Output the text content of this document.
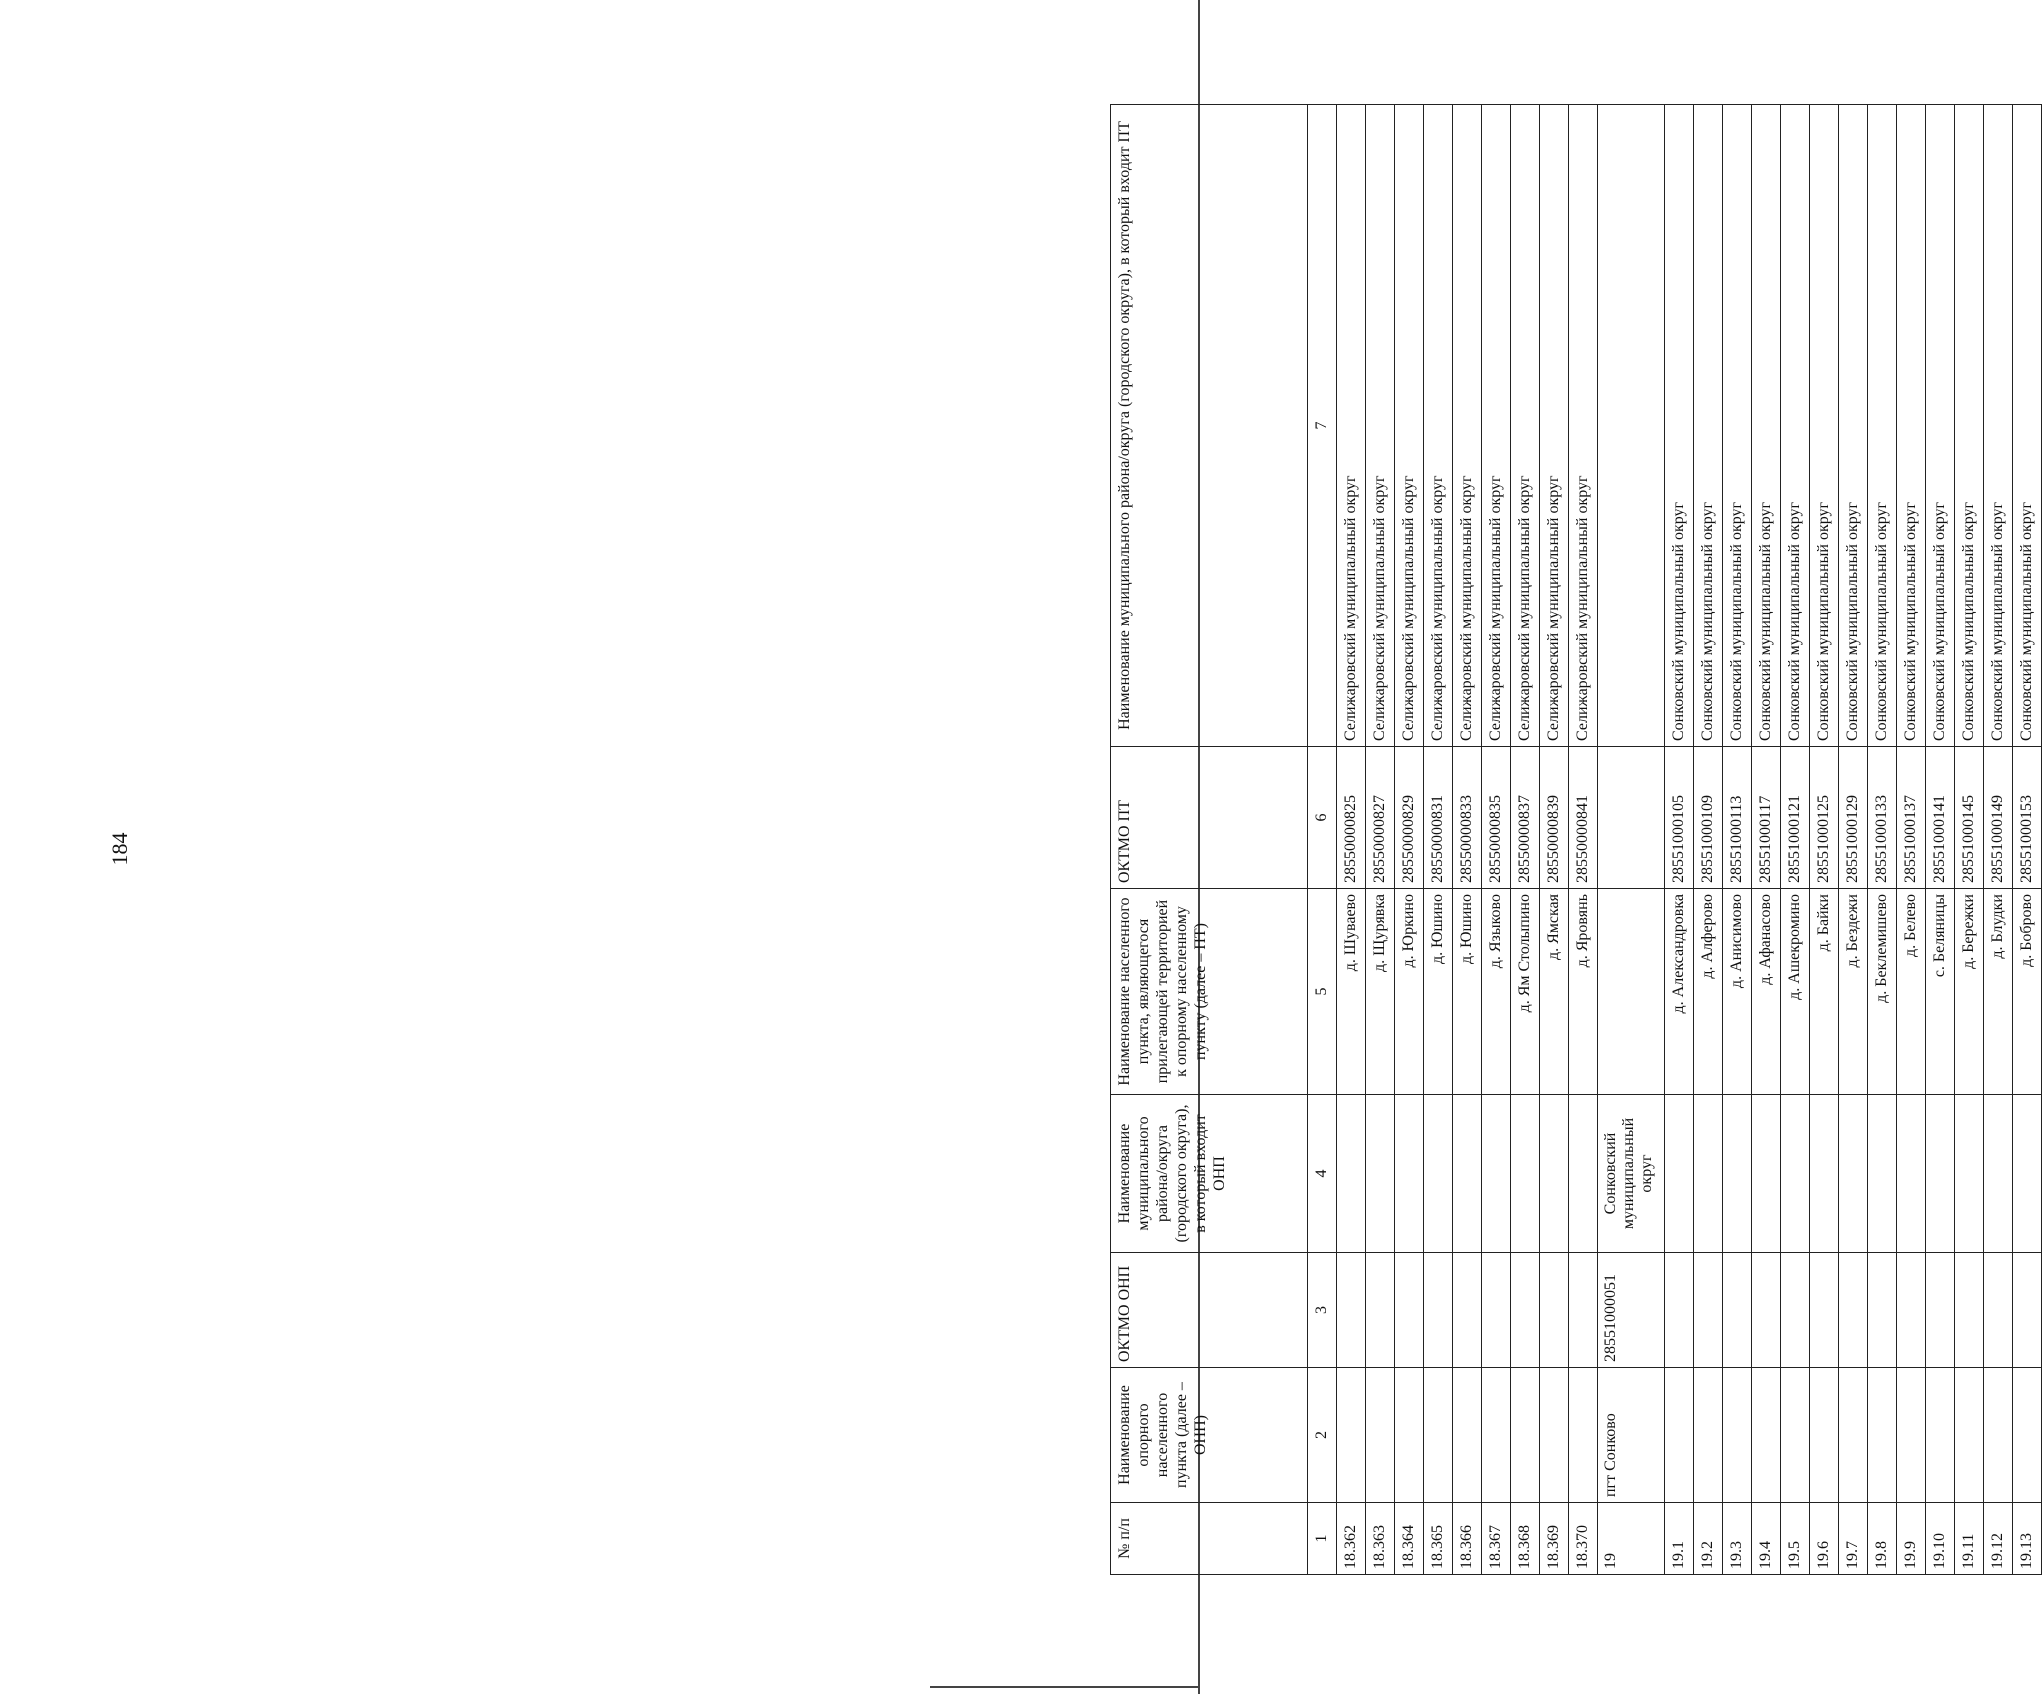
184
№ п/п	Наименование опорного населенного пункта (далее – ОНП)	ОКТМО ОНП	Наименование муниципального района/округа (городского округа), в который входит ОНП	Наименование населенного пункта, являющегося прилегающей территорией к опорному населенному пункту (далее – ПТ)	ОКТМО ПТ	Наименование муниципального района/округа (городского округа), в который входит ПТ
1	2	3	4	5	6	7
18.362				д. Шуваево	28550000825	Селижаровский муниципальный округ
18.363				д. Щурявка	28550000827	Селижаровский муниципальный округ
18.364				д. Юркино	28550000829	Селижаровский муниципальный округ
18.365				д. Юшино	28550000831	Селижаровский муниципальный округ
18.366				д. Юшино	28550000833	Селижаровский муниципальный округ
18.367				д. Языково	28550000835	Селижаровский муниципальный округ
18.368				д. Ям Столыпино	28550000837	Селижаровский муниципальный округ
18.369				д. Ямская	28550000839	Селижаровский муниципальный округ
18.370				д. Яровянь	28550000841	Селижаровский муниципальный округ
19	пгт Сонково	28551000051	Сонковский муниципальный округ			
19.1				д. Александровка	28551000105	Сонковский муниципальный округ
19.2				д. Алферово	28551000109	Сонковский муниципальный округ
19.3				д. Анисимово	28551000113	Сонковский муниципальный округ
19.4				д. Афанасово	28551000117	Сонковский муниципальный округ
19.5				д. Ашекромино	28551000121	Сонковский муниципальный округ
19.6				д. Байки	28551000125	Сонковский муниципальный округ
19.7				д. Бездежи	28551000129	Сонковский муниципальный округ
19.8				д. Беклемишево	28551000133	Сонковский муниципальный округ
19.9				д. Белево	28551000137	Сонковский муниципальный округ
19.10				с. Беляницы	28551000141	Сонковский муниципальный округ
19.11				д. Бережки	28551000145	Сонковский муниципальный округ
19.12				д. Блудки	28551000149	Сонковский муниципальный округ
19.13				д. Боброво	28551000153	Сонковский муниципальный округ
